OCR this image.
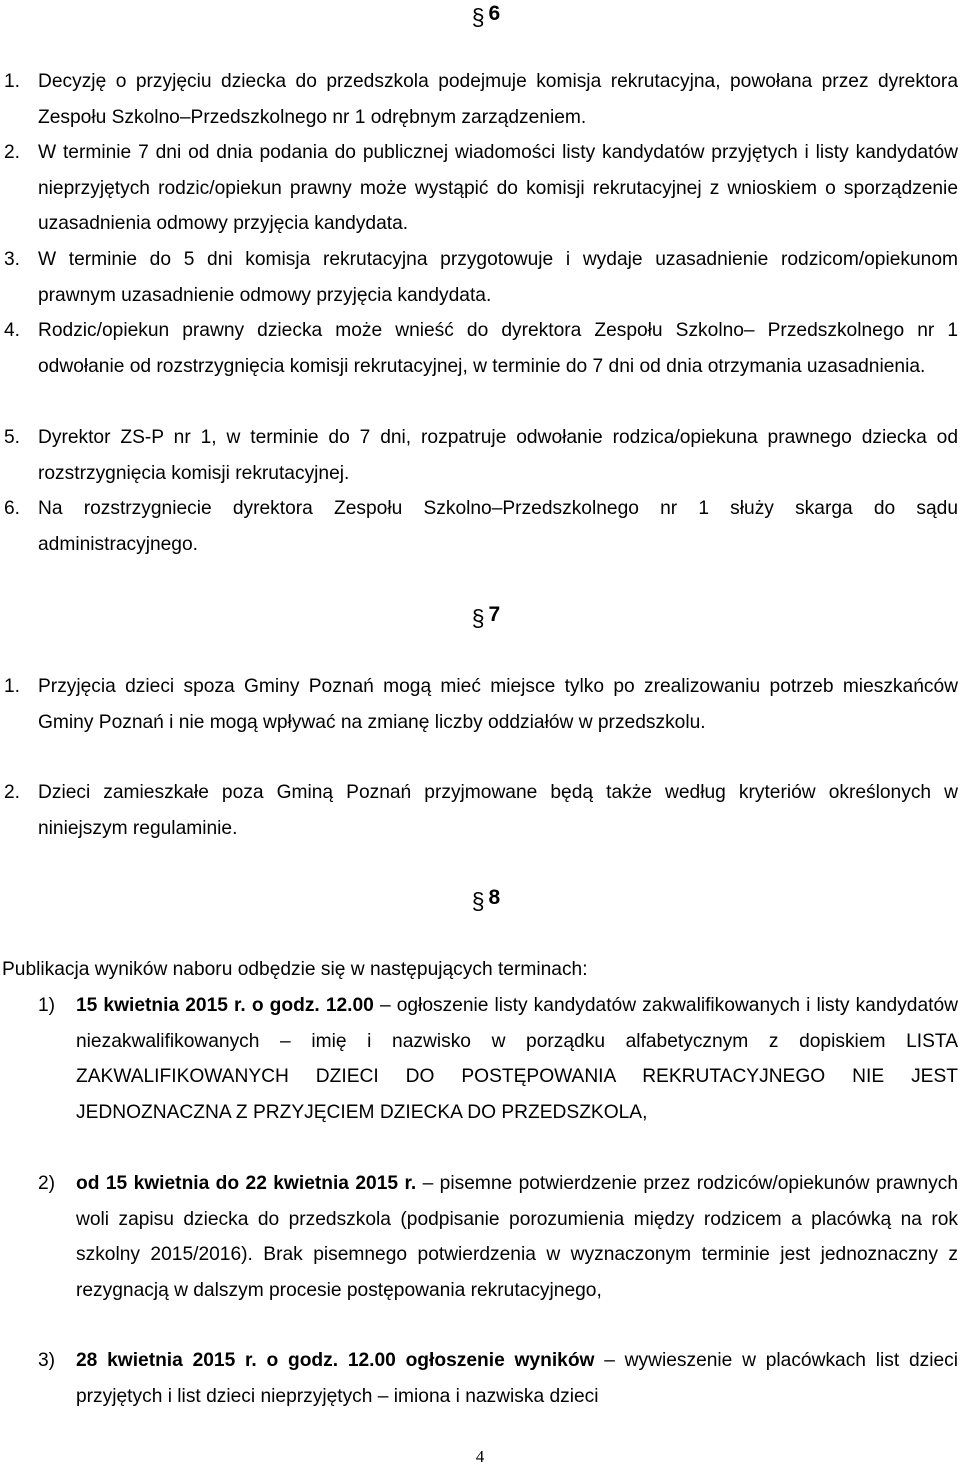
§ 6
1. Decyzję o przyjęciu dziecka do przedszkola podejmuje komisja rekrutacyjna, powołana przez dyrektora Zespołu Szkolno–Przedszkolnego nr 1 odrębnym zarządzeniem.
2. W terminie 7 dni od dnia podania do publicznej wiadomości listy kandydatów przyjętych i listy kandydatów nieprzyjętych rodzic/opiekun prawny może wystąpić do komisji rekrutacyjnej z wnioskiem o sporządzenie uzasadnienia odmowy przyjęcia kandydata.
3. W terminie do 5 dni komisja rekrutacyjna przygotowuje i wydaje uzasadnienie rodzicom/opiekunom prawnym uzasadnienie odmowy przyjęcia kandydata.
4. Rodzic/opiekun prawny dziecka może wnieść do dyrektora Zespołu Szkolno– Przedszkolnego nr 1 odwołanie od rozstrzygnięcia komisji rekrutacyjnej, w terminie do 7 dni od dnia otrzymania uzasadnienia.
5. Dyrektor ZS-P nr 1, w terminie do 7 dni, rozpatruje odwołanie rodzica/opiekuna prawnego dziecka od rozstrzygnięcia komisji rekrutacyjnej.
6. Na rozstrzygniecie dyrektora Zespołu Szkolno–Przedszkolnego nr 1 służy skarga do sądu administracyjnego.
§ 7
1. Przyjęcia dzieci spoza Gminy Poznań mogą mieć miejsce tylko po zrealizowaniu potrzeb mieszkańców Gminy Poznań i nie mogą wpływać na zmianę liczby oddziałów w przedszkolu.
2. Dzieci zamieszkałe poza Gminą Poznań przyjmowane będą także według kryteriów określonych w niniejszym regulaminie.
§ 8
Publikacja wyników naboru odbędzie się w następujących terminach:
1) 15 kwietnia 2015 r. o godz. 12.00 – ogłoszenie listy kandydatów zakwalifikowanych i listy kandydatów niezakwalifikowanych – imię i nazwisko w porządku alfabetycznym z dopiskiem LISTA ZAKWALIFIKOWANYCH DZIECI DO POSTĘPOWANIA REKRUTACYJNEGO NIE JEST JEDNOZNACZNA Z PRZYJĘCIEM DZIECKA DO PRZEDSZKOLA,
2) od 15 kwietnia do 22 kwietnia 2015 r. – pisemne potwierdzenie przez rodziców/opiekunów prawnych woli zapisu dziecka do przedszkola (podpisanie porozumienia między rodzicem a placówką na rok szkolny 2015/2016). Brak pisemnego potwierdzenia w wyznaczonym terminie jest jednoznaczny z rezygnacją w dalszym procesie postępowania rekrutacyjnego,
3) 28 kwietnia 2015 r. o godz. 12.00 ogłoszenie wyników – wywieszenie w placówkach list dzieci przyjętych i list dzieci nieprzyjętych – imiona i nazwiska dzieci
4
